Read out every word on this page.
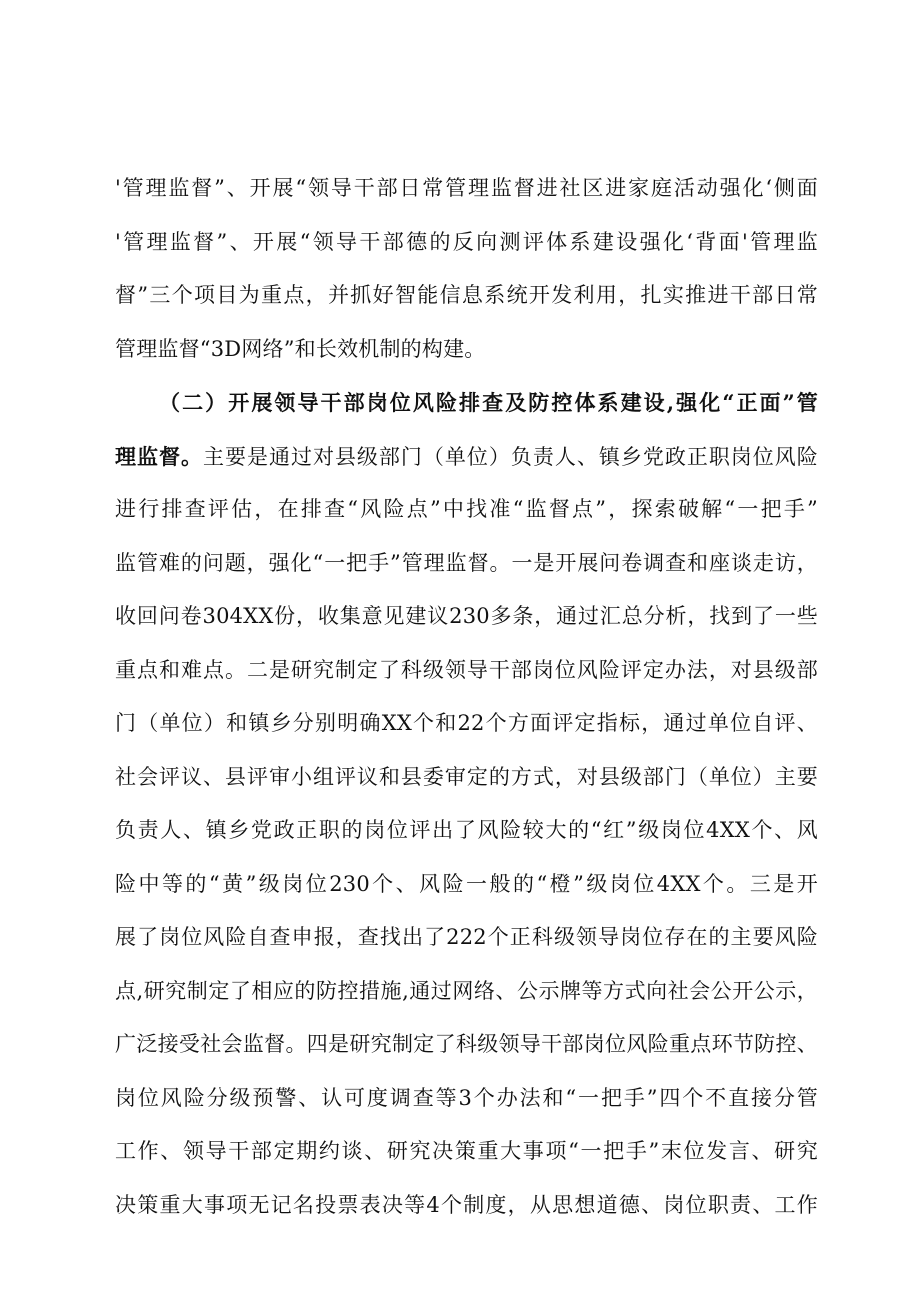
'管理监督”、开展“领导干部日常管理监督进社区进家庭活动强化‘侧面
'管理监督”、开展“领导干部德的反向测评体系建设强化‘背面'管理监
督”三个项目为重点，并抓好智能信息系统开发利用，扎实推进干部日常
管理监督“3D网络”和长效机制的构建。
（二）开展领导干部岗位风险排查及防控体系建设,强化“正面”管
理监督。主要是通过对县级部门（单位）负责人、镇乡党政正职岗位风险
进行排查评估，在排查“风险点”中找准“监督点”，探索破解“一把手”
监管难的问题，强化“一把手”管理监督。一是开展问卷调查和座谈走访，
收回问卷304XX份，收集意见建议230多条，通过汇总分析，找到了一些
重点和难点。二是研究制定了科级领导干部岗位风险评定办法，对县级部
门（单位）和镇乡分别明确XX个和22个方面评定指标，通过单位自评、
社会评议、县评审小组评议和县委审定的方式，对县级部门（单位）主要
负责人、镇乡党政正职的岗位评出了风险较大的“红”级岗位4XX个、风
险中等的“黄”级岗位230个、风险一般的“橙”级岗位4XX个。三是开
展了岗位风险自查申报，查找出了222个正科级领导岗位存在的主要风险
点,研究制定了相应的防控措施,通过网络、公示牌等方式向社会公开公示，
广泛接受社会监督。四是研究制定了科级领导干部岗位风险重点环节防控、
岗位风险分级预警、认可度调查等3个办法和“一把手”四个不直接分管
工作、领导干部定期约谈、研究决策重大事项“一把手”末位发言、研究
决策重大事项无记名投票表决等4个制度，从思想道德、岗位职责、工作
